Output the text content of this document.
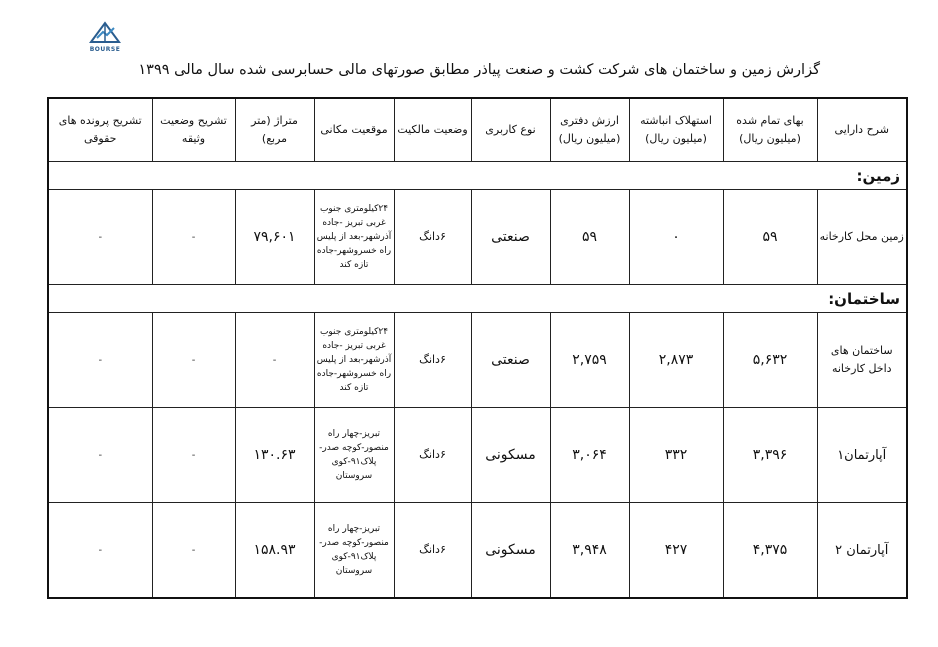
BOURSE
گزارش زمین و ساختمان های شرکت کشت و صنعت پیاذر مطابق صورتهای مالی حسابرسی شده سال مالی ۱۳۹۹
شرح دارایی	بهای تمام شده (میلیون ریال)	استهلاک انباشته (میلیون ریال)	ارزش دفتری (میلیون ریال)	نوع کاربری	وضعیت مالکیت	موقعیت مکانی	متراژ (متر مربع)	تشریح وضعیت وثیقه	تشریح پرونده های حقوقی
زمین:									
زمین محل کارخانه	۵۹	۰	۵۹	صنعتی	۶دانگ	۲۴کیلومتری جنوب غربی تبریز -جاده آذرشهر-بعد از پلیس راه خسروشهر-جاده تازه کند	۷۹,۶۰۱	-	-
ساختمان:									
ساختمان های داخل کارخانه	۵,۶۳۲	۲,۸۷۳	۲,۷۵۹	صنعتی	۶دانگ	۲۴کیلومتری جنوب غربی تبریز -جاده آذرشهر-بعد از پلیس راه خسروشهر-جاده تازه کند	-	-	-
آپارتمان۱	۳,۳۹۶	۳۳۲	۳,۰۶۴	مسکونی	۶دانگ	تبریز-چهار راه منصور-کوچه صدر-پلاک۹۱-کوی سروستان	۱۳۰.۶۳	-	-
آپارتمان ۲	۴,۳۷۵	۴۲۷	۳,۹۴۸	مسکونی	۶دانگ	تبریز-چهار راه منصور-کوچه صدر-پلاک۹۱-کوی سروستان	۱۵۸.۹۳	-	-
